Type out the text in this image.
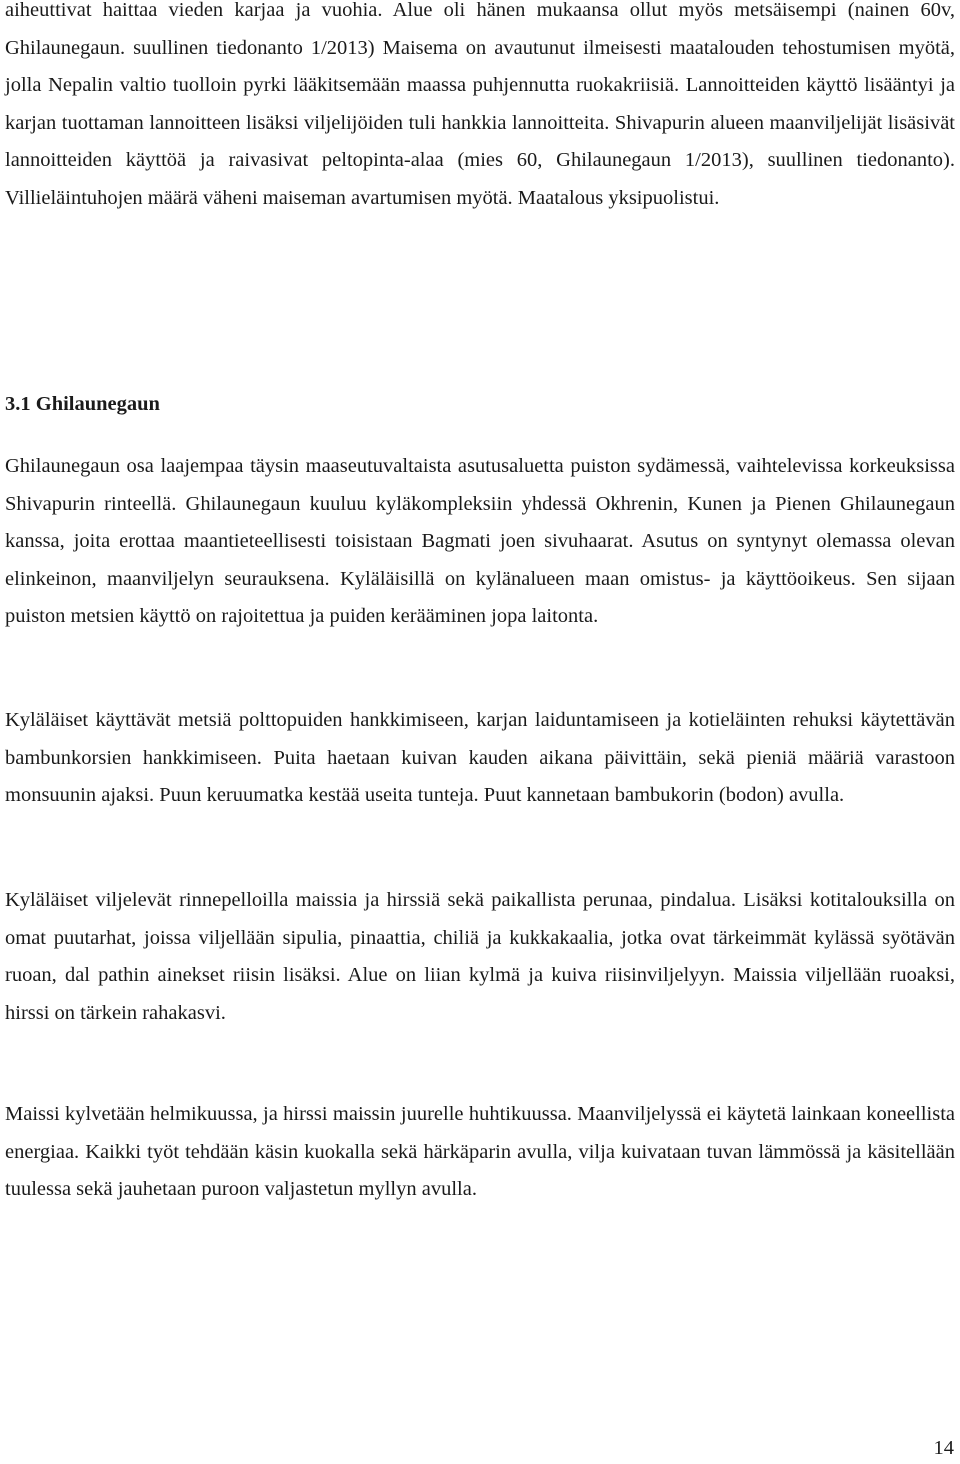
aiheuttivat haittaa vieden karjaa ja vuohia. Alue oli hänen mukaansa ollut myös metsäisempi (nainen 60v, Ghilaunegaun. suullinen tiedonanto 1/2013) Maisema on avautunut ilmeisesti maatalouden tehostumisen myötä, jolla Nepalin valtio tuolloin pyrki lääkitsemään maassa puhjennutta ruokakriisiä. Lannoitteiden käyttö lisääntyi ja karjan tuottaman lannoitteen lisäksi viljelijöiden tuli hankkia lannoitteita. Shivapurin alueen maanviljelijät lisäsivät lannoitteiden käyttöä ja raivasivat peltopinta-alaa (mies 60, Ghilaunegaun 1/2013), suullinen tiedonanto). Villieläintuhojen määrä väheni maiseman avartumisen myötä. Maatalous yksipuolistui.

3.1 Ghilaunegaun

Ghilaunegaun osa laajempaa täysin maaseutuvaltaista asutusaluetta puiston sydämessä, vaihtelevissa korkeuksissa Shivapurin rinteellä. Ghilaunegaun kuuluu kyläkompleksiin yhdessä Okhrenin, Kunen ja Pienen Ghilaunegaun kanssa, joita erottaa maantieteellisesti toisistaan Bagmati joen sivuhaarat. Asutus on syntynyt olemassa olevan elinkeinon, maanviljelyn seurauksena. Kyläläisillä on kylänalueen maan omistus- ja käyttöoikeus. Sen sijaan puiston metsien käyttö on rajoitettua ja puiden kerääminen jopa laitonta.

Kyläläiset käyttävät metsiä polttopuiden hankkimiseen, karjan laiduntamiseen ja kotieläinten rehuksi käytettävän bambunkorsien hankkimiseen. Puita haetaan kuivan kauden aikana päivittäin, sekä pieniä määriä varastoon monsuunin ajaksi. Puun keruumatka kestää useita tunteja. Puut kannetaan bambukorin (bodon) avulla.

Kyläläiset viljelevät rinnepelloilla maissia ja hirssiä sekä paikallista perunaa, pindalua. Lisäksi kotitalouksilla on omat puutarhat, joissa viljellään sipulia, pinaattia, chiliä ja kukkakaalia, jotka ovat tärkeimmät kylässä syötävän ruoan, dal pathin ainekset riisin lisäksi. Alue on liian kylmä ja kuiva riisinviljelyyn. Maissia viljellään ruoaksi, hirssi on tärkein rahakasvi.

Maissi kylvetään helmikuussa, ja hirssi maissin juurelle huhtikuussa. Maanviljelyssä ei käytetä lainkaan koneellista energiaa. Kaikki työt tehdään käsin kuokalla sekä härkäparin avulla, vilja kuivataan tuvan lämmössä ja käsitellään tuulessa sekä jauhetaan puroon valjastetun myllyn avulla.

14
